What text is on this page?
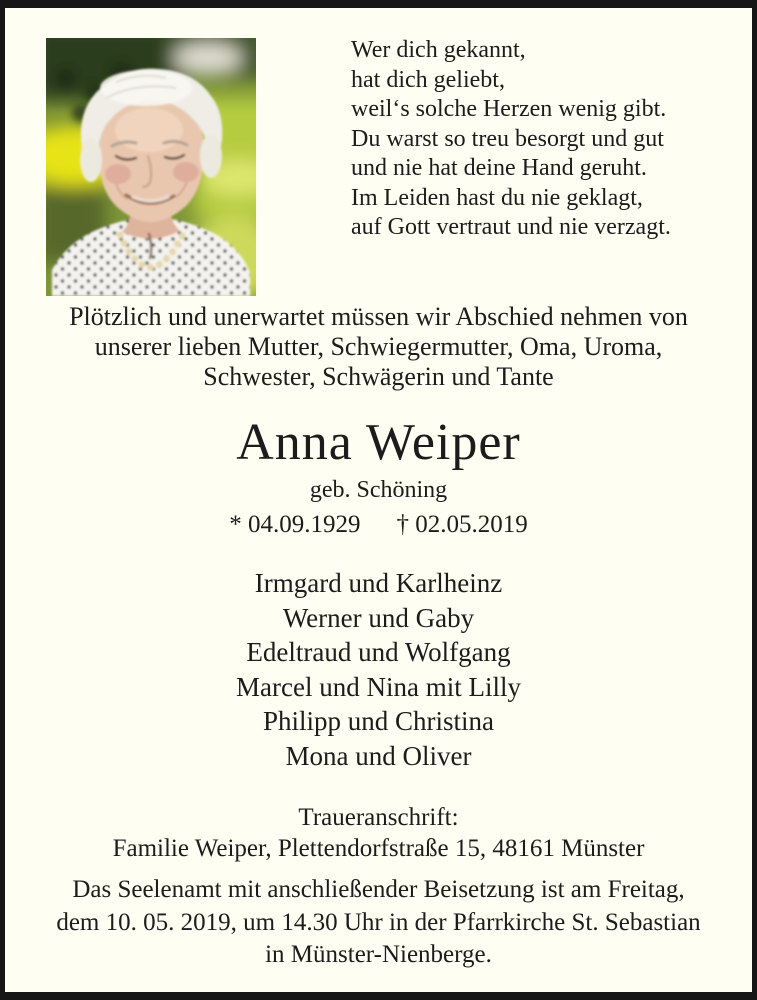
Wer dich gekannt,
hat dich geliebt,
weil‘s solche Herzen wenig gibt.
Du warst so treu besorgt und gut
und nie hat deine Hand geruht.
Im Leiden hast du nie geklagt,
auf Gott vertraut und nie verzagt.
Plötzlich und unerwartet müssen wir Abschied nehmen von
unserer lieben Mutter, Schwiegermutter, Oma, Uroma,
Schwester, Schwägerin und Tante
Anna Weiper
geb. Schöning
* 04.09.1929 † 02.05.2019
Irmgard und Karlheinz
Werner und Gaby
Edeltraud und Wolfgang
Marcel und Nina mit Lilly
Philipp und Christina
Mona und Oliver
Traueranschrift:
Familie Weiper, Plettendorfstraße 15, 48161 Münster
Das Seelenamt mit anschließender Beisetzung ist am Freitag,
dem 10. 05. 2019, um 14.30 Uhr in der Pfarrkirche St. Sebastian
in Münster-Nienberge.
